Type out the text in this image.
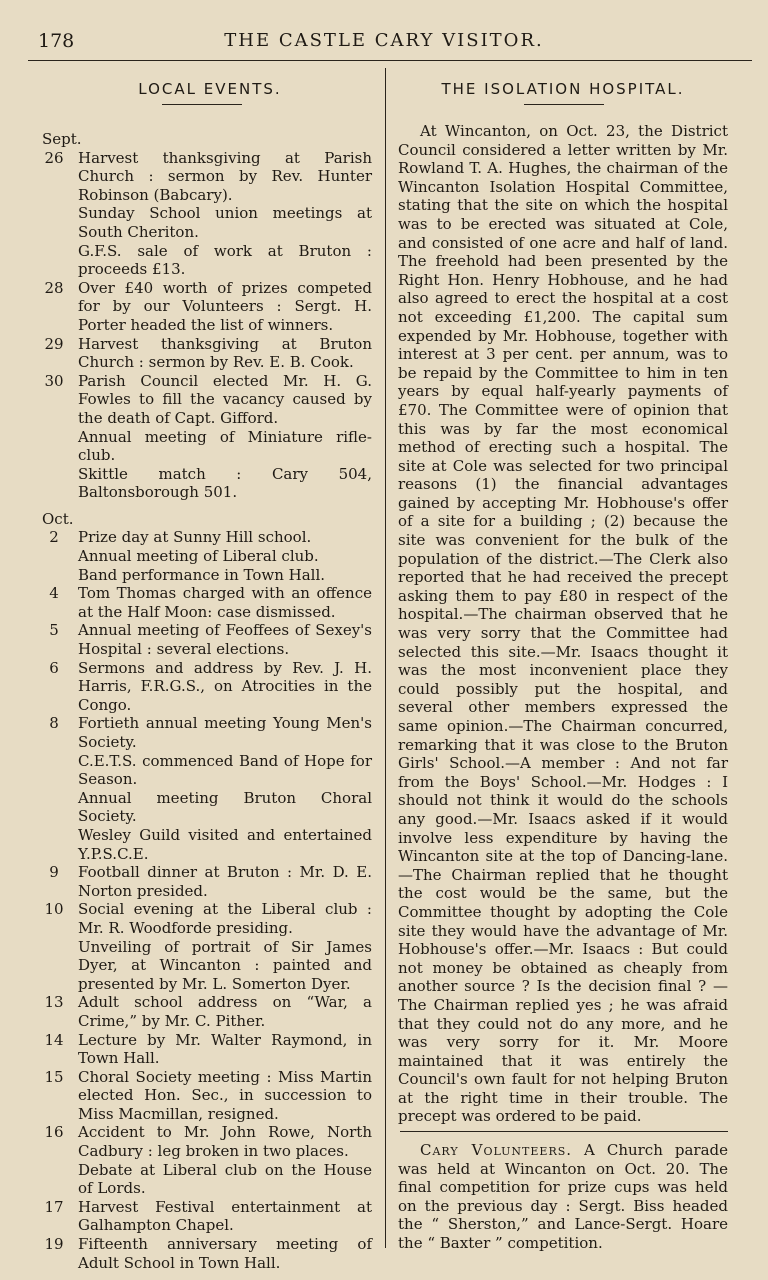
178	THE CASTLE CARY VISITOR.
LOCAL EVENTS.	THE ISOLATION HOSPITAL.
Sept.
26 Harvest thanksgiving at Parish Church : sermon by Rev. Hunter Robinson (Babcary).
Sunday School union meetings at South Cheriton.
G.F.S. sale of work at Bruton : proceeds £13.
28 Over £40 worth of prizes competed for by our Volunteers : Sergt. H. Porter headed the list of winners.
29 Harvest thanksgiving at Bruton Church : sermon by Rev. E. B. Cook.
30 Parish Council elected Mr. H. G. Fowles to fill the vacancy caused by the death of Capt. Gifford.
Annual meeting of Miniature rifle-club.
Skittle match : Cary 504, Baltonsborough 501.
Oct.
2	Prize day at Sunny Hill school.
Annual meeting of Liberal club.
Band performance in Town Hall.
4	Tom Thomas charged with an offence at the Half Moon: case dismissed.
5	Annual meeting of Feoffees of Sexey's Hospital : several elections.
6	Sermons and address by Rev. J. H. Harris, F.R.G.S., on Atrocities in the Congo.
8	Fortieth annual meeting Young Men's Society.
C.E.T.S. commenced Band of Hope for Season.
Annual meeting Bruton Choral Society.
Wesley Guild visited and entertained Y.P.S.C.E.
9	Football dinner at Bruton : Mr. D. E. Norton presided.
10 Social evening at the Liberal club : Mr. R. Woodforde presiding.
Unveiling of portrait of Sir James Dyer, at Wincanton : painted and presented by Mr. L. Somerton Dyer.
13 Adult school address on “War, a Crime,” by Mr. C. Pither.
14 Lecture by Mr. Walter Raymond, in Town Hall.
15 Choral Society meeting : Miss Martin elected Hon. Sec., in succession to Miss Macmillan, resigned.
16 Accident to Mr. John Rowe, North Cadbury : leg broken in two places.
Debate at Liberal club on the House of Lords.
17 Harvest Festival entertainment at Galhampton Chapel.
19 Fifteenth anniversary meeting of Adult School in Town Hall.

At Wincanton, on Oct. 23, the District Council considered a letter written by Mr. Rowland T. A. Hughes, the chairman of the Wincanton Isolation Hospital Committee, stating that the site on which the hospital was to be erected was situated at Cole, and consisted of one acre and half of land. The freehold had been presented by the Right Hon. Henry Hobhouse, and he had also agreed to erect the hospital at a cost not exceeding £1,200. The capital sum expended by Mr. Hobhouse, together with interest at 3 per cent. per annum, was to be repaid by the Committee to him in ten years by equal half-yearly payments of £70. The Committee were of opinion that this was by far the most economical method of erecting such a hospital. The site at Cole was selected for two principal reasons (1) the financial advantages gained by accepting Mr. Hobhouse's offer of a site for a building ; (2) because the site was convenient for the bulk of the population of the district.—The Clerk also reported that he had received the precept asking them to pay £80 in respect of the hospital.—The chairman observed that he was very sorry that the Committee had selected this site.—Mr. Isaacs thought it was the most inconvenient place they could possibly put the hospital, and several other members expressed the same opinion.—The Chairman concurred, remarking that it was close to the Bruton Girls' School.—A member : And not far from the Boys' School.—Mr. Hodges : I should not think it would do the schools any good.—Mr. Isaacs asked if it would involve less expenditure by having the Wincanton site at the top of Dancing-lane.—The Chairman replied that he thought the cost would be the same, but the Committee thought by adopting the Cole site they would have the advantage of Mr. Hobhouse's offer.—Mr. Isaacs : But could not money be obtained as cheaply from another source ? Is the decision final ? —The Chairman replied yes ; he was afraid that they could not do any more, and he was very sorry for it. Mr. Moore maintained that it was entirely the Council's own fault for not helping Bruton at the right time in their trouble. The precept was ordered to be paid.

Cary Volunteers. A Church parade was held at Wincanton on Oct. 20. The final competition for prize cups was held on the previous day : Sergt. Biss headed the “ Sherston,” and Lance-Sergt. Hoare the “ Baxter ” competition.
